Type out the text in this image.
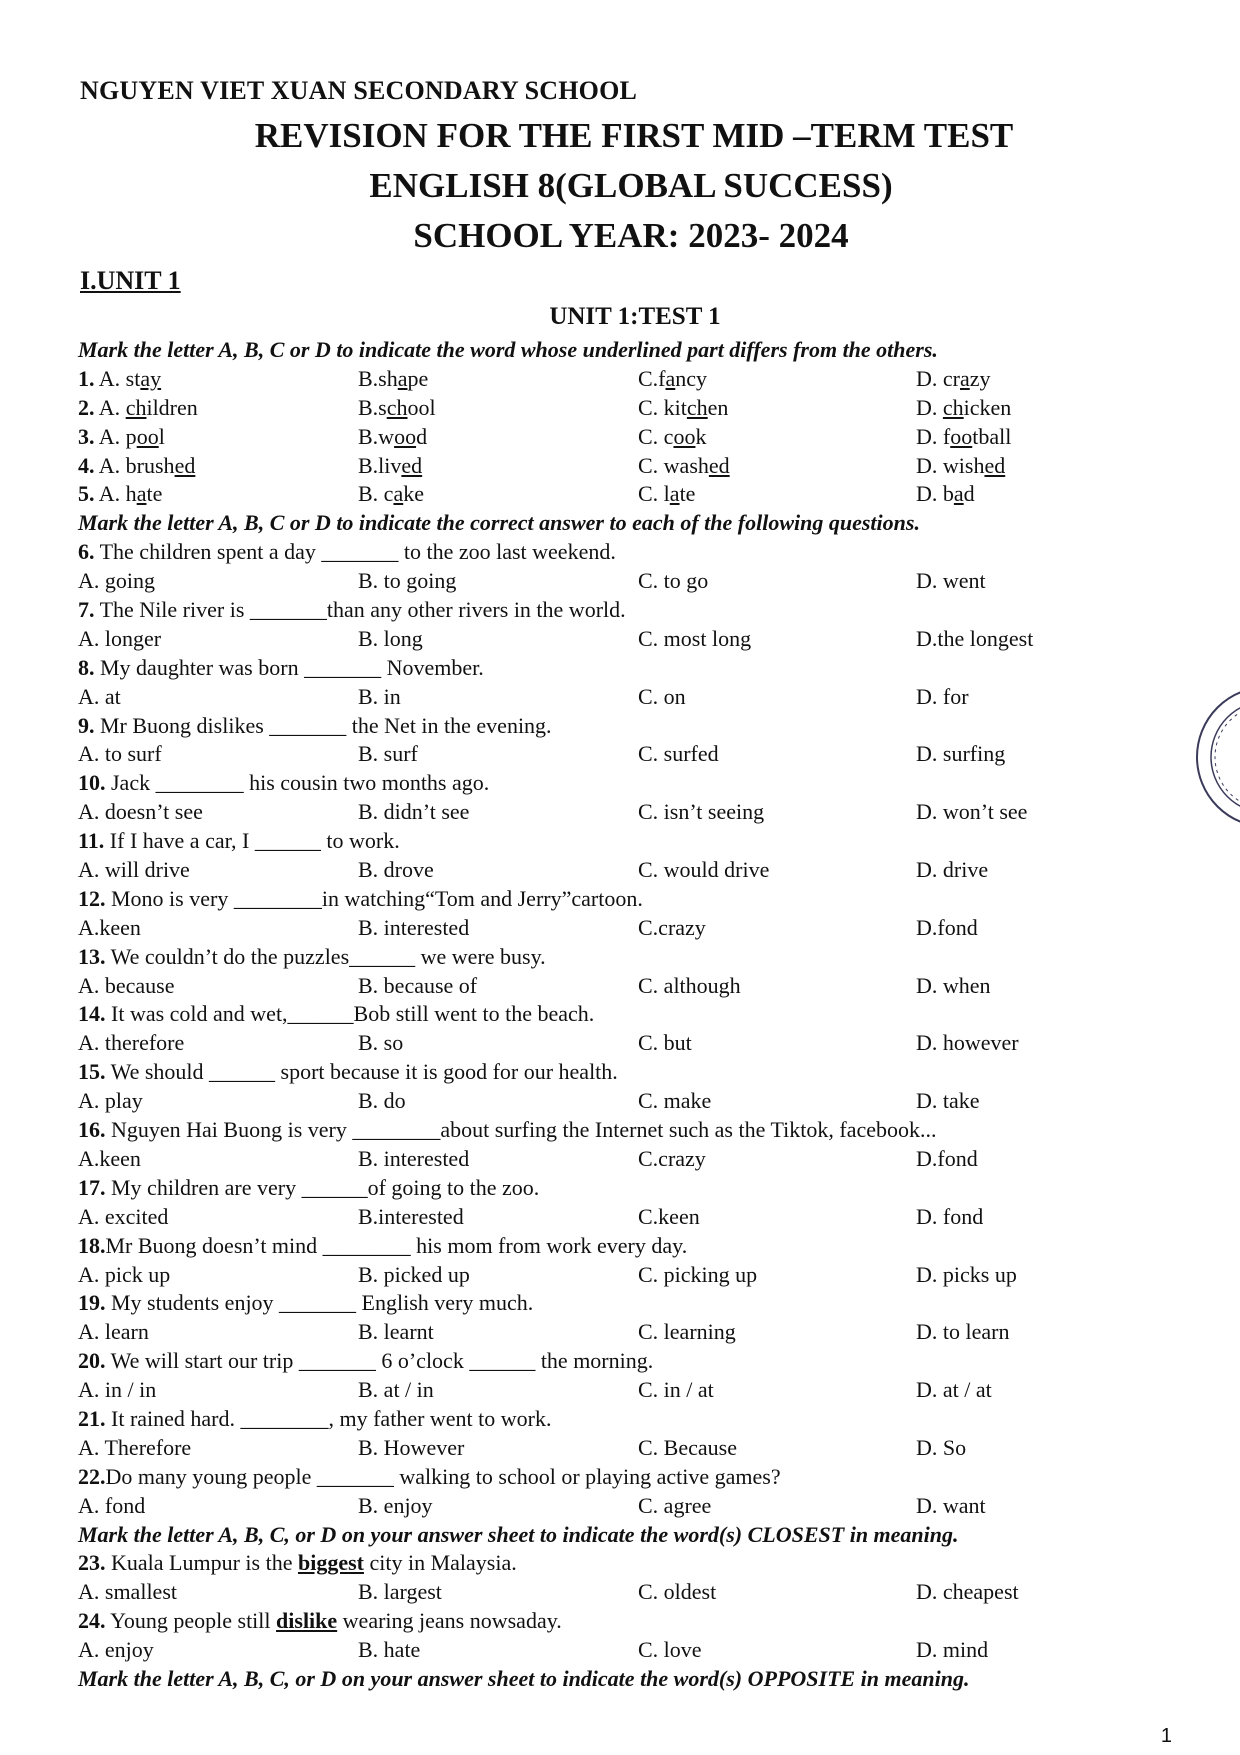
NGUYEN VIET XUAN SECONDARY SCHOOL
REVISION FOR THE FIRST MID –TERM TEST
ENGLISH 8(GLOBAL SUCCESS)
SCHOOL YEAR: 2023- 2024
I.UNIT 1
UNIT 1:TEST 1
Mark the letter A, B, C or D to indicate the word whose underlined part differs from the others.
1. A. stay	B.shape	C.fancy	D. crazy
2. A. children	B.school	C. kitchen	D. chicken
3. A. pool	B.wood	C. cook	D. football
4. A. brushed	B.lived	C. washed	D. wished
5. A. hate	B. cake	C. late	D. bad
Mark the letter A, B, C or D to indicate the correct answer to each of the following questions.
6. The children spent a day _______ to the zoo last weekend.
A. going	B. to going	C. to go	D. went
7. The Nile river is _______than any other rivers in the world.
A. longer	B. long	C. most long	D.the longest
8. My daughter was born _______ November.
A. at	B. in	C. on	D. for
9. Mr Buong dislikes _______ the Net in the evening.
A. to surf	B. surf	C. surfed	D. surfing
10. Jack ________ his cousin two months ago.
A. doesn’t see	B. didn’t see	C. isn’t seeing	D. won’t see
11. If I have a car, I ______ to work.
A. will drive	B. drove	C. would drive	D. drive
12. Mono is very ________in watching“Tom and Jerry”cartoon.
A.keen	B. interested	C.crazy	D.fond
13. We couldn’t do the puzzles______ we were busy.
A. because	B. because of	C. although	D. when
14. It was cold and wet,______Bob still went to the beach.
A. therefore	B. so	C. but	D. however
15. We should ______ sport because it is good for our health.
A. play	B. do	C. make	D. take
16. Nguyen Hai Buong is very ________about surfing the Internet such as the Tiktok, facebook...
A.keen	B. interested	C.crazy	D.fond
17. My children are very ______of going to the zoo.
A. excited	B.interested	C.keen	D. fond
18.Mr Buong doesn’t mind ________ his mom from work every day.
A. pick up	B. picked up	C. picking up	D. picks up
19. My students enjoy _______ English very much.
A. learn	B. learnt	C. learning	D. to learn
20. We will start our trip _______ 6 o’clock ______ the morning.
A. in / in	B. at / in	C. in / at	D. at / at
21. It rained hard. ________, my father went to work.
A. Therefore	B. However	C. Because	D. So
22.Do many young people _______ walking to school or playing active games?
A. fond	B. enjoy	C. agree	D. want
Mark the letter A, B, C, or D on your answer sheet to indicate the word(s) CLOSEST in meaning.
23. Kuala Lumpur is the biggest city in Malaysia.
A. smallest	B. largest	C. oldest	D. cheapest
24. Young people still dislike wearing jeans nowsaday.
A. enjoy	B. hate	C. love	D. mind
Mark the letter A, B, C, or D on your answer sheet to indicate the word(s) OPPOSITE in meaning.
1
